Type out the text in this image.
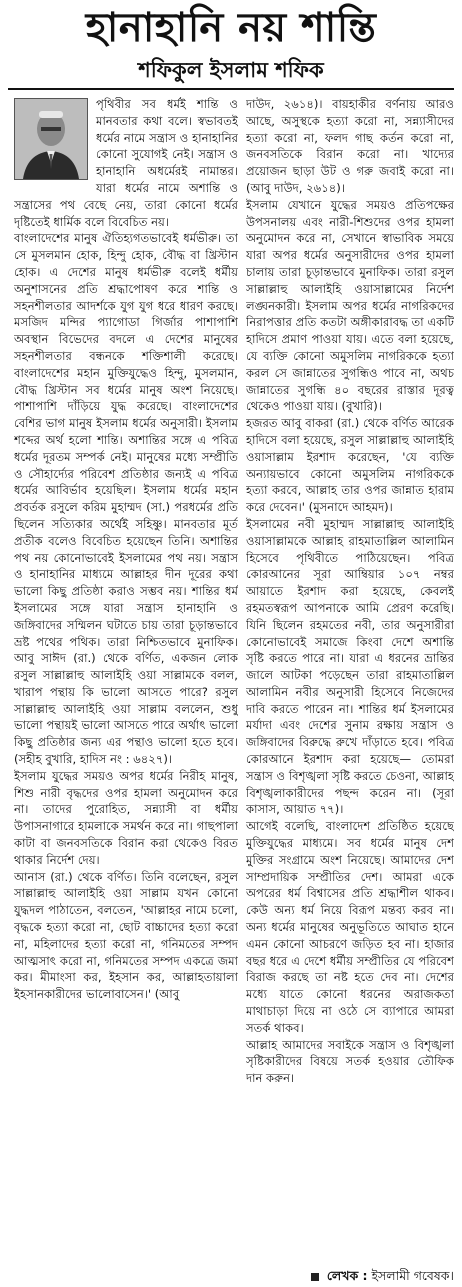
হানাহানি নয় শান্তি
শফিকুল ইসলাম শফিক

পৃথিবীর সব ধর্মই শান্তি ও মানবতার কথা বলে। স্বভাবতই ধর্মের নামে সন্ত্রাস ও হানাহানির কোনো সুযোগই নেই। সন্ত্রাস ও হানাহানি অধর্মেরই নামান্তর। যারা ধর্মের নামে অশান্তি ও সন্ত্রাসের পথ বেছে নেয়, তারা কোনো ধর্মের দৃষ্টিতেই ধার্মিক বলে বিবেচিত নয়।

বাংলাদেশের মানুষ ঐতিহ্যগতভাবেই ধর্মভীরু। তা সে মুসলমান হোক, হিন্দু হোক, বৌদ্ধ বা খ্রিস্টান হোক। এ দেশের মানুষ ধর্মভীরু বলেই ধর্মীয় অনুশাসনের প্রতি শ্রদ্ধাপোষণ করে শান্তি ও সহনশীলতার আদর্শকে যুগ যুগ ধরে ধারণ করছে। মসজিদ মন্দির প্যাগোডা গির্জার পাশাপাশি অবস্থান বিভেদের বদলে এ দেশের মানুষের সহনশীলতার বন্ধনকে শক্তিশালী করেছে। বাংলাদেশের মহান মুক্তিযুদ্ধেও হিন্দু, মুসলমান, বৌদ্ধ খ্রিস্টান সব ধর্মের মানুষ অংশ নিয়েছে। পাশাপাশি দাঁড়িয়ে যুদ্ধ করেছে। বাংলাদেশের বেশির ভাগ মানুষ ইসলাম ধর্মের অনুসারী। ইসলাম শব্দের অর্থ হলো শান্তি। অশান্তির সঙ্গে এ পবিত্র ধর্মের দূরতম সম্পর্ক নেই। মানুষের মধ্যে সম্প্রীতি ও সৌহার্দ্যের পরিবেশ প্রতিষ্ঠার জন্যই এ পবিত্র ধর্মের আবির্ভাব হয়েছিল। ইসলাম ধর্মের মহান প্রবর্তক রসুলে করিম মুহাম্মদ (সা.) পরধর্মের প্রতি ছিলেন সত্যিকার অর্থেই সহিষ্ণু। মানবতার মূর্ত প্রতীক বলেও বিবেচিত হয়েছেন তিনি। অশান্তির পথ নয় কোনোভাবেই ইসলামের পথ নয়। সন্ত্রাস ও হানাহানির মাধ্যমে আল্লাহর দীন দূরের কথা ভালো কিছু প্রতিষ্ঠা করাও সম্ভব নয়। শান্তির ধর্ম ইসলামের সঙ্গে যারা সন্ত্রাস হানাহানি ও জঙ্গিবাদের সম্মিলন ঘটাতে চায় তারা চূড়ান্তভাবে ভ্রষ্ট পথের পথিক। তারা নিশ্চিতভাবে মুনাফিক। আবু সাঈদ (রা.) থেকে বর্ণিত, একজন লোক রসুল সাল্লাল্লাহু আলাইহি ওয়া সাল্লামকে বলল, খারাপ পন্থায় কি ভালো আসতে পারে? রসুল সাল্লাল্লাহু আলাইহি ওয়া সাল্লাম বললেন, শুধু ভালো পন্থায়ই ভালো আসতে পারে অর্থাৎ ভালো কিছু প্রতিষ্ঠার জন্য এর পন্থাও ভালো হতে হবে। (সহীহ বুখারি, হাদিস নং : ৬৪২৭)।

ইসলাম যুদ্ধের সময়ও অপর ধর্মের নিরীহ মানুষ, শিশু নারী বৃদ্ধদের ওপর হামলা অনুমোদন করে না। তাদের পুরোহিত, সন্ন্যাসী বা ধর্মীয় উপাসনাগারে হামলাকে সমর্থন করে না। গাছপালা কাটা বা জনবসতিকে বিরান করা থেকেও বিরত থাকার নির্দেশ দেয়।

আনাস (রা.) থেকে বর্ণিত। তিনি বলেছেন, রসুল সাল্লাল্লাহু আলাইহি ওয়া সাল্লাম যখন কোনো যুদ্ধদল পাঠাতেন, বলতেন, 'আল্লাহর নামে চলো, বৃদ্ধকে হত্যা করো না, ছোট বাচ্চাদের হত্যা করো না, মহিলাদের হত্যা করো না, গনিমতের সম্পদ আত্মসাৎ করো না, গনিমতের সম্পদ একত্রে জমা কর। মীমাংসা কর, ইহসান কর, আল্লাহতায়ালা ইহসানকারীদের ভালোবাসেন।' (আবু

দাউদ, ২৬১৪)। বায়হাকীর বর্ণনায় আরও আছে, অসুস্থকে হত্যা করো না, সন্ন্যাসীদের হত্যা করো না, ফলদ গাছ কর্তন করো না, জনবসতিকে বিরান করো না। খাদ্যের প্রয়োজন ছাড়া উট ও গরু জবাই করো না। (আবু দাউদ, ২৬১৪)।

ইসলাম যেখানে যুদ্ধের সময়ও প্রতিপক্ষের উপসনালয় এবং নারী-শিশুদের ওপর হামলা অনুমোদন করে না, সেখানে স্বাভাবিক সময়ে যারা অপর ধর্মের অনুসারীদের ওপর হামলা চালায় তারা চূড়ান্তভাবে মুনাফিক। তারা রসুল সাল্লাল্লাহু আলাইহি ওয়াসাল্লামের নির্দেশ লঙ্ঘনকারী। ইসলাম অপর ধর্মের নাগরিকদের নিরাপত্তার প্রতি কতটা অঙ্গীকারাবদ্ধ তা একটি হাদিসে প্রমাণ পাওয়া যায়। এতে বলা হয়েছে, যে ব্যক্তি কোনো অমুসলিম নাগরিককে হত্যা করল সে জান্নাতের সুগন্ধিও পাবে না, অথচ জান্নাতের সুগন্ধি ৪০ বছরের রাস্তার দূরত্ব থেকেও পাওয়া যায়। (বুখারি)।

হজরত আবু বাকরা (রা.) থেকে বর্ণিত আরেক হাদিসে বলা হয়েছে, রসুল সাল্লাল্লাহু আলাইহি ওয়াসাল্লাম ইরশাদ করেছেন, 'যে ব্যক্তি অন্যায়ভাবে কোনো অমুসলিম নাগরিককে হত্যা করবে, আল্লাহ তার ওপর জান্নাত হারাম করে দেবেন।' (মুসনাদে আহমদ)।

ইসলামের নবী মুহাম্মদ সাল্লাল্লাহু আলাইহি ওয়াসাল্লামকে আল্লাহ রাহমাতাল্লিল আলামিন হিসেবে পৃথিবীতে পাঠিয়েছেন। পবিত্র কোরআনের সূরা আম্বিয়ার ১০৭ নম্বর আয়াতে ইরশাদ করা হয়েছে, কেবলই রহমতস্বরূপ আপনাকে আমি প্রেরণ করেছি। যিনি ছিলেন রহমতের নবী, তার অনুসারীরা কোনোভাবেই সমাজে কিংবা দেশে অশান্তি সৃষ্টি করতে পারে না। যারা এ ধরনের ভ্রান্তির জালে আটকা পড়েছেন তারা রাহমাতাল্লিল আলামিন নবীর অনুসারী হিসেবে নিজেদের দাবি করতে পারেন না। শান্তির ধর্ম ইসলামের মর্যাদা এবং দেশের সুনাম রক্ষায় সন্ত্রাস ও জঙ্গিবাদের বিরুদ্ধে রুখে দাঁড়াতে হবে। পবিত্র কোরআনে ইরশাদ করা হয়েছে— তোমরা সন্ত্রাস ও বিশৃঙ্খলা সৃষ্টি করতে চেওনা, আল্লাহ বিশৃঙ্খলাকারীদের পছন্দ করেন না। (সূরা কাসাস, আয়াত ৭৭)।

আগেই বলেছি, বাংলাদেশ প্রতিষ্ঠিত হয়েছে মুক্তিযুদ্ধের মাধ্যমে। সব ধর্মের মানুষ দেশ মুক্তির সংগ্রামে অংশ নিয়েছে। আমাদের দেশ সাম্প্রদায়িক সম্প্রীতির দেশ। আমরা একে অপরের ধর্ম বিশ্বাসের প্রতি শ্রদ্ধাশীল থাকব। কেউ অন্য ধর্ম নিয়ে বিরূপ মন্তব্য করব না। অন্য ধর্মের মানুষের অনুভূতিতে আঘাত হানে এমন কোনো আচরণে জড়িত হব না। হাজার বছর ধরে এ দেশে ধর্মীয় সম্প্রীতির যে পরিবেশ বিরাজ করছে তা নষ্ট হতে দেব না। দেশের মধ্যে যাতে কোনো ধরনের অরাজকতা মাথাচাড়া দিয়ে না ওঠে সে ব্যাপারে আমরা সতর্ক থাকব।

আল্লাহ আমাদের সবাইকে সন্ত্রাস ও বিশৃঙ্খলা সৃষ্টিকারীদের বিষয়ে সতর্ক হওয়ার তৌফিক দান করুন।

লেখক : ইসলামী গবেষক।
